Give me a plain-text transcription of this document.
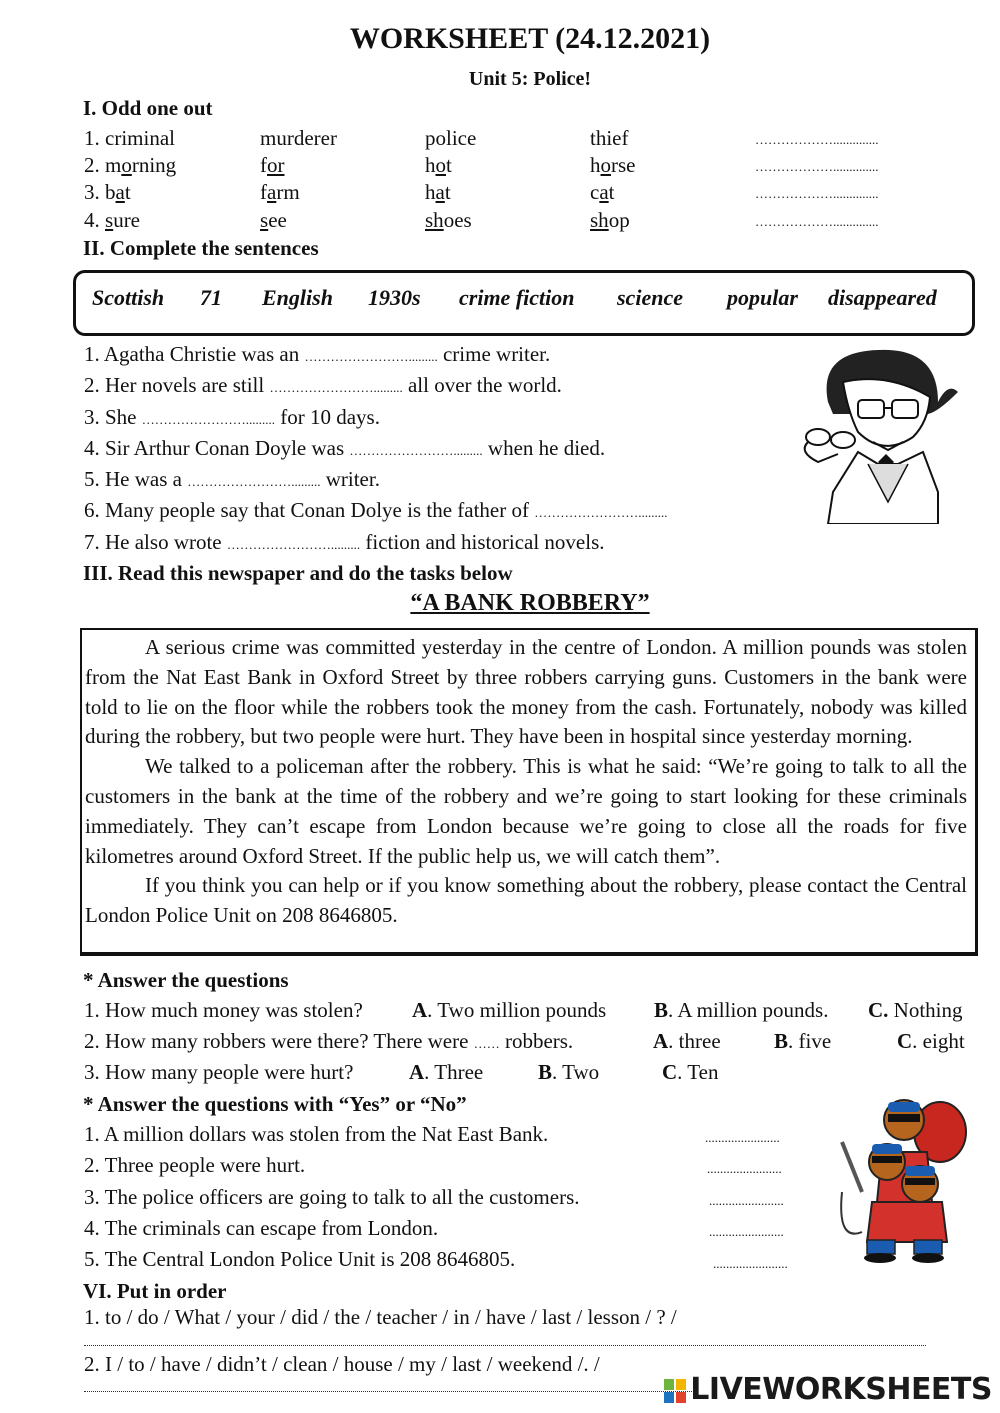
WORKSHEET (24.12.2021)
Unit 5: Police!
I. Odd one out
1. criminal	murderer	police	thief	………………..............
2. morning	for	hot	horse	………………..............
3. bat	farm	hat	cat	………………..............
4. sure	see	shoes	shop	………………..............
II. Complete the sentences
Scottish 71 English 1930s crime fiction science popular disappeared
1. Agatha Christie was an ……………………......... crime writer.
2. Her novels are still ……………………......... all over the world.
3. She ……………………......... for 10 days.
4. Sir Arthur Conan Doyle was ……………………......... when he died.
5. He was a ……………………......... writer.
6. Many people say that Conan Dolye is the father of …………………….........
7. He also wrote ……………………......... fiction and historical novels.
III. Read this newspaper and do the tasks below
“A BANK ROBBERY”

A serious crime was committed yesterday in the centre of London. A million pounds was stolen from the Nat East Bank in Oxford Street by three robbers carrying guns. Customers in the bank were told to lie on the floor while the robbers took the money from the cash. Fortunately, nobody was killed during the robbery, but two people were hurt. They have been in hospital since yesterday morning.

We talked to a policeman after the robbery. This is what he said: “We’re going to talk to all the customers in the bank at the time of the robbery and we’re going to start looking for these criminals immediately. They can’t escape from London because we’re going to close all the roads for five kilometres around Oxford Street. If the public help us, we will catch them”.

If you think you can help or if you know something about the robbery, please contact the Central London Police Unit on 208 8646805.

* Answer the questions
1. How much money was stolen? A. Two million pounds B. A million pounds. C. Nothing
2. How many robbers were there? There were …… robbers.	A. three	B. five	C. eight
3. How many people were hurt?	A. Three	B. Two	C. Ten
* Answer the questions with “Yes” or “No”
1. A million dollars was stolen from the Nat East Bank.	.......................
2. Three people were hurt.	.......................
3. The police officers are going to talk to all the customers.	.......................
4. The criminals can escape from London.	.......................
5. The Central London Police Unit is 208 8646805.	.......................
VI. Put in order
1. to / do / What / your / did / the / teacher / in / have / last / lesson / ? /
2. I / to / have / didn’t / clean / house / my / last / weekend /. /
LIVEWORKSHEETS
